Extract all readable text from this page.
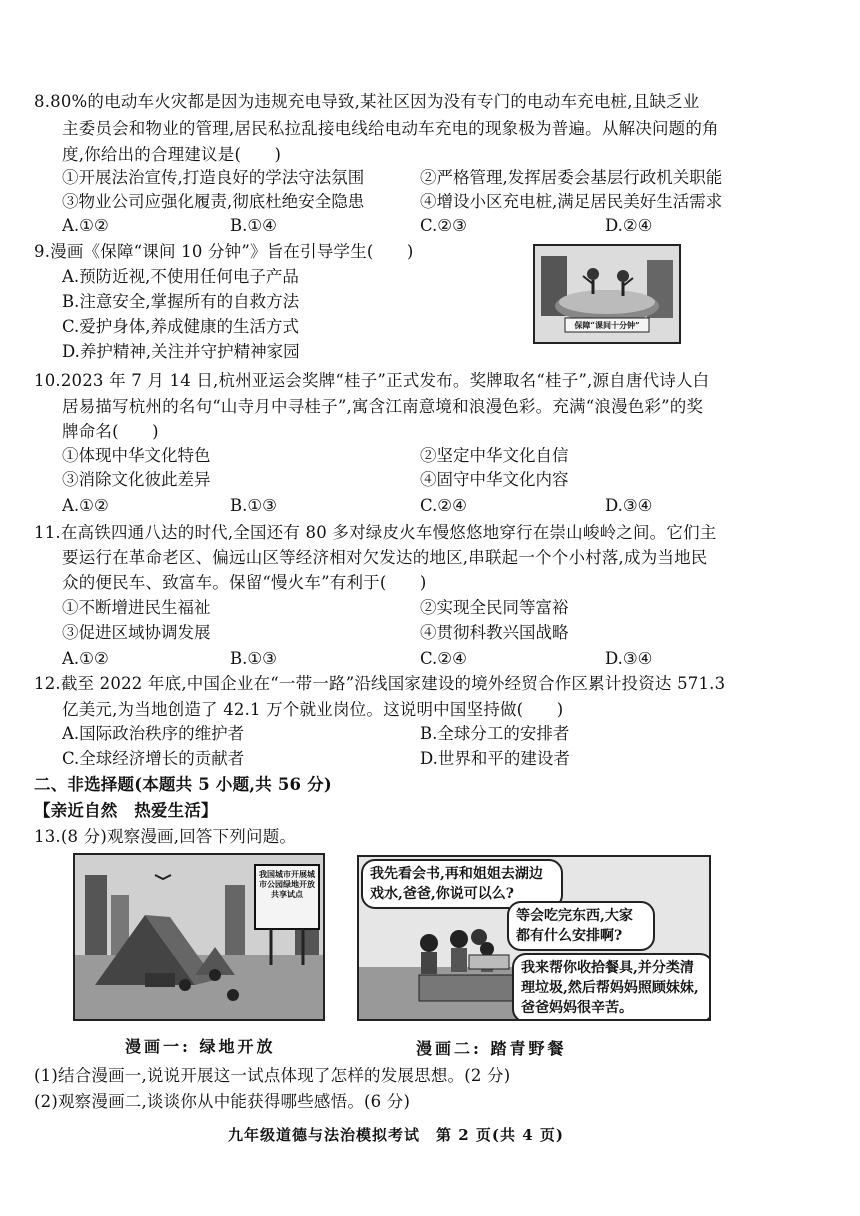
8.80%的电动车火灾都是因为违规充电导致,某社区因为没有专门的电动车充电桩,且缺乏业
主委员会和物业的管理,居民私拉乱接电线给电动车充电的现象极为普遍。从解决问题的角
度,你给出的合理建议是(　　)
①开展法治宣传,打造良好的学法守法氛围	②严格管理,发挥居委会基层行政机关职能
③物业公司应强化履责,彻底杜绝安全隐患	④增设小区充电桩,满足居民美好生活需求
A.①②	B.①④	C.②③	D.②④
9.漫画《保障“课间 10 分钟”》旨在引导学生(　　)
A.预防近视,不使用任何电子产品
B.注意安全,掌握所有的自救方法
C.爱护身体,养成健康的生活方式
D.养护精神,关注并守护精神家园
保障“课间十分钟”
10.2023 年 7 月 14 日,杭州亚运会奖牌“桂子”正式发布。奖牌取名“桂子”,源自唐代诗人白
居易描写杭州的名句“山寺月中寻桂子”,寓含江南意境和浪漫色彩。充满“浪漫色彩”的奖
牌命名(　　)
①体现中华文化特色	②坚定中华文化自信
③消除文化彼此差异	④固守中华文化内容
A.①②	B.①③	C.②④	D.③④
11.在高铁四通八达的时代,全国还有 80 多对绿皮火车慢悠悠地穿行在崇山峻岭之间。它们主
要运行在革命老区、偏远山区等经济相对欠发达的地区,串联起一个个小村落,成为当地民
众的便民车、致富车。保留“慢火车”有利于(　　)
①不断增进民生福祉	②实现全民同等富裕
③促进区域协调发展	④贯彻科教兴国战略
A.①②	B.①③	C.②④	D.③④
12.截至 2022 年底,中国企业在“一带一路”沿线国家建设的境外经贸合作区累计投资达 571.3
亿美元,为当地创造了 42.1 万个就业岗位。这说明中国坚持做(　　)
A.国际政治秩序的维护者	B.全球分工的安排者
C.全球经济增长的贡献者	D.世界和平的建设者
二、非选择题(本题共 5 小题,共 56 分)
【亲近自然　热爱生活】
13.(8 分)观察漫画,回答下列问题。
我国城市开展城市公园绿地开放共享试点
漫画一: 绿地开放
我先看会书,再和姐姐去湖边戏水,爸爸,你说可以么?
等会吃完东西,大家都有什么安排啊?
我来帮你收拾餐具,并分类清理垃圾,然后帮妈妈照顾妹妹,爸爸妈妈很辛苦。
漫画二: 踏青野餐
(1)结合漫画一,说说开展这一试点体现了怎样的发展思想。(2 分)
(2)观察漫画二,谈谈你从中能获得哪些感悟。(6 分)
九年级道德与法治模拟考试　第 2 页(共 4 页)
